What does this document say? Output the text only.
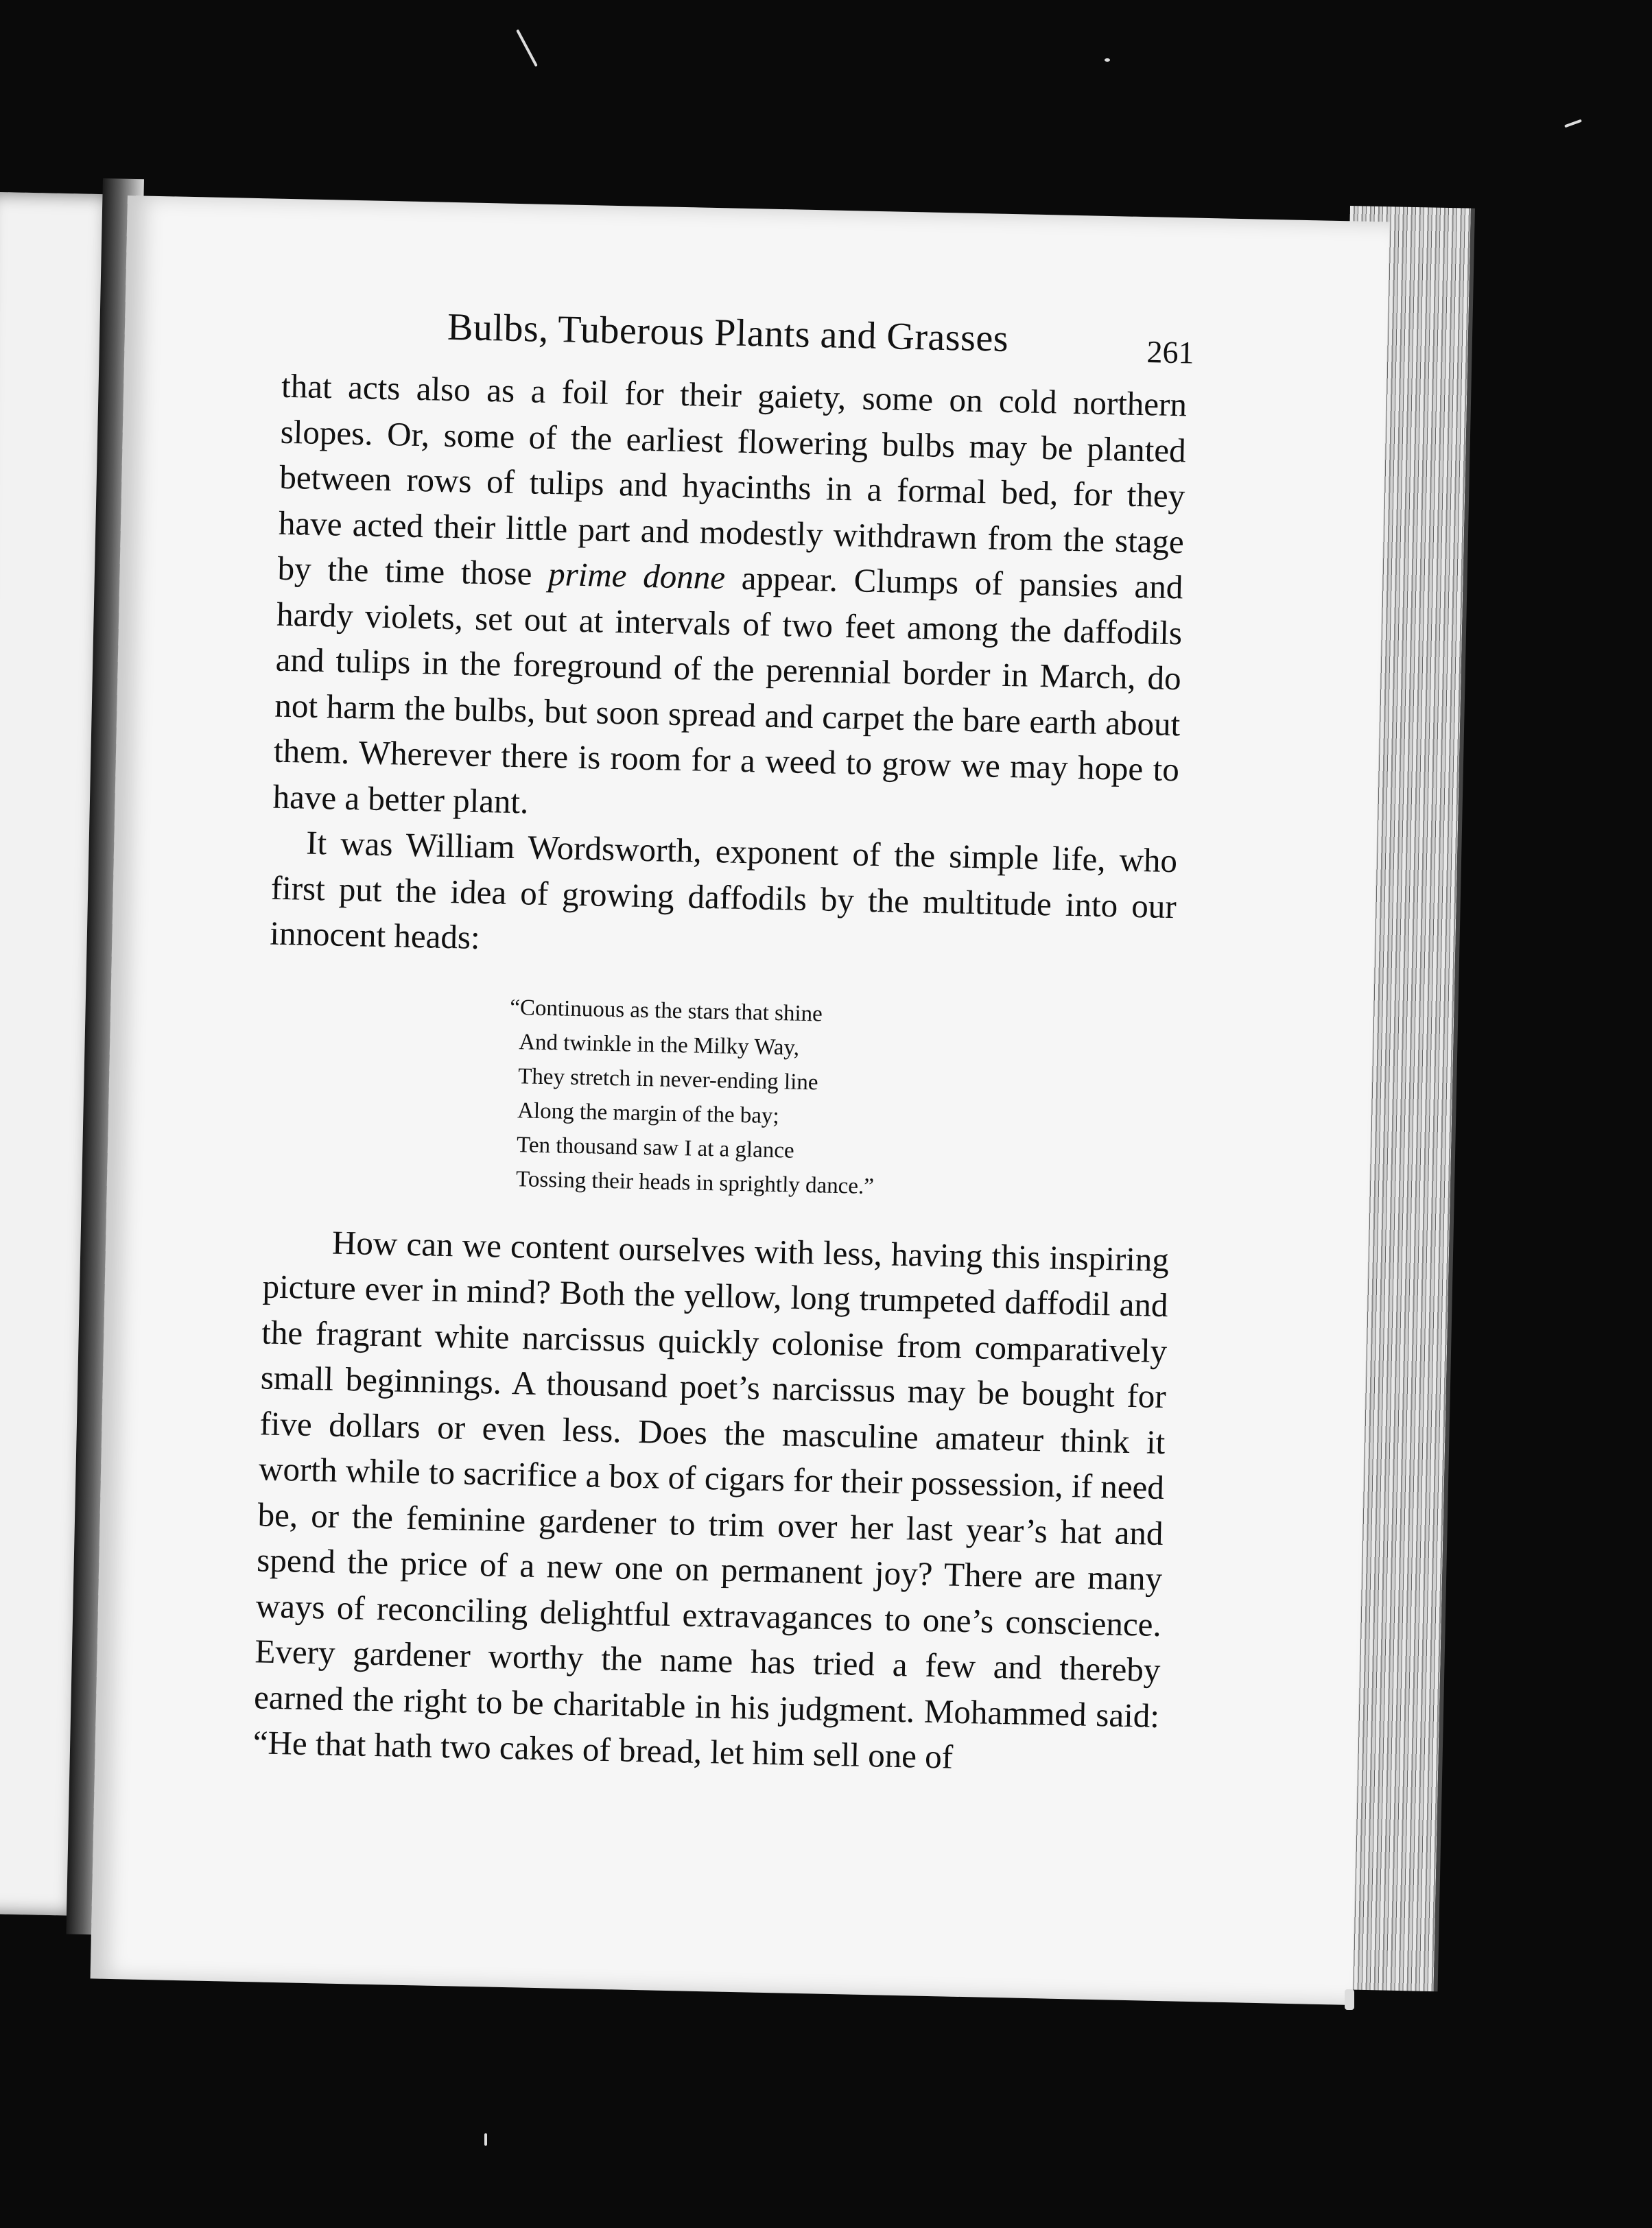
Bulbs, Tuberous Plants and Grasses	261

that acts also as a foil for their gaiety, some on cold northern slopes. Or, some of the earliest flowering bulbs may be planted between rows of tulips and hyacinths in a formal bed, for they have acted their little part and modestly withdrawn from the stage by the time those prime donne appear. Clumps of pansies and hardy violets, set out at intervals of two feet among the daffodils and tulips in the foreground of the perennial border in March, do not harm the bulbs, but soon spread and carpet the bare earth about them. Wherever there is room for a weed to grow we may hope to have a better plant.

It was William Wordsworth, exponent of the simple life, who first put the idea of growing daffodils by the multitude into our innocent heads:

“Continuous as the stars that shine
And twinkle in the Milky Way,
They stretch in never-ending line
Along the margin of the bay;
Ten thousand saw I at a glance
Tossing their heads in sprightly dance.”

How can we content ourselves with less, having this inspiring picture ever in mind? Both the yellow, long trumpeted daffodil and the fragrant white narcissus quickly colonise from comparatively small beginnings. A thousand poet’s narcissus may be bought for five dollars or even less. Does the masculine amateur think it worth while to sacrifice a box of cigars for their possession, if need be, or the feminine gardener to trim over her last year’s hat and spend the price of a new one on permanent joy? There are many ways of reconciling delightful extravagances to one’s conscience. Every gardener worthy the name has tried a few and thereby earned the right to be charitable in his judgment. Mohammed said: “He that hath two cakes of bread, let him sell one of
